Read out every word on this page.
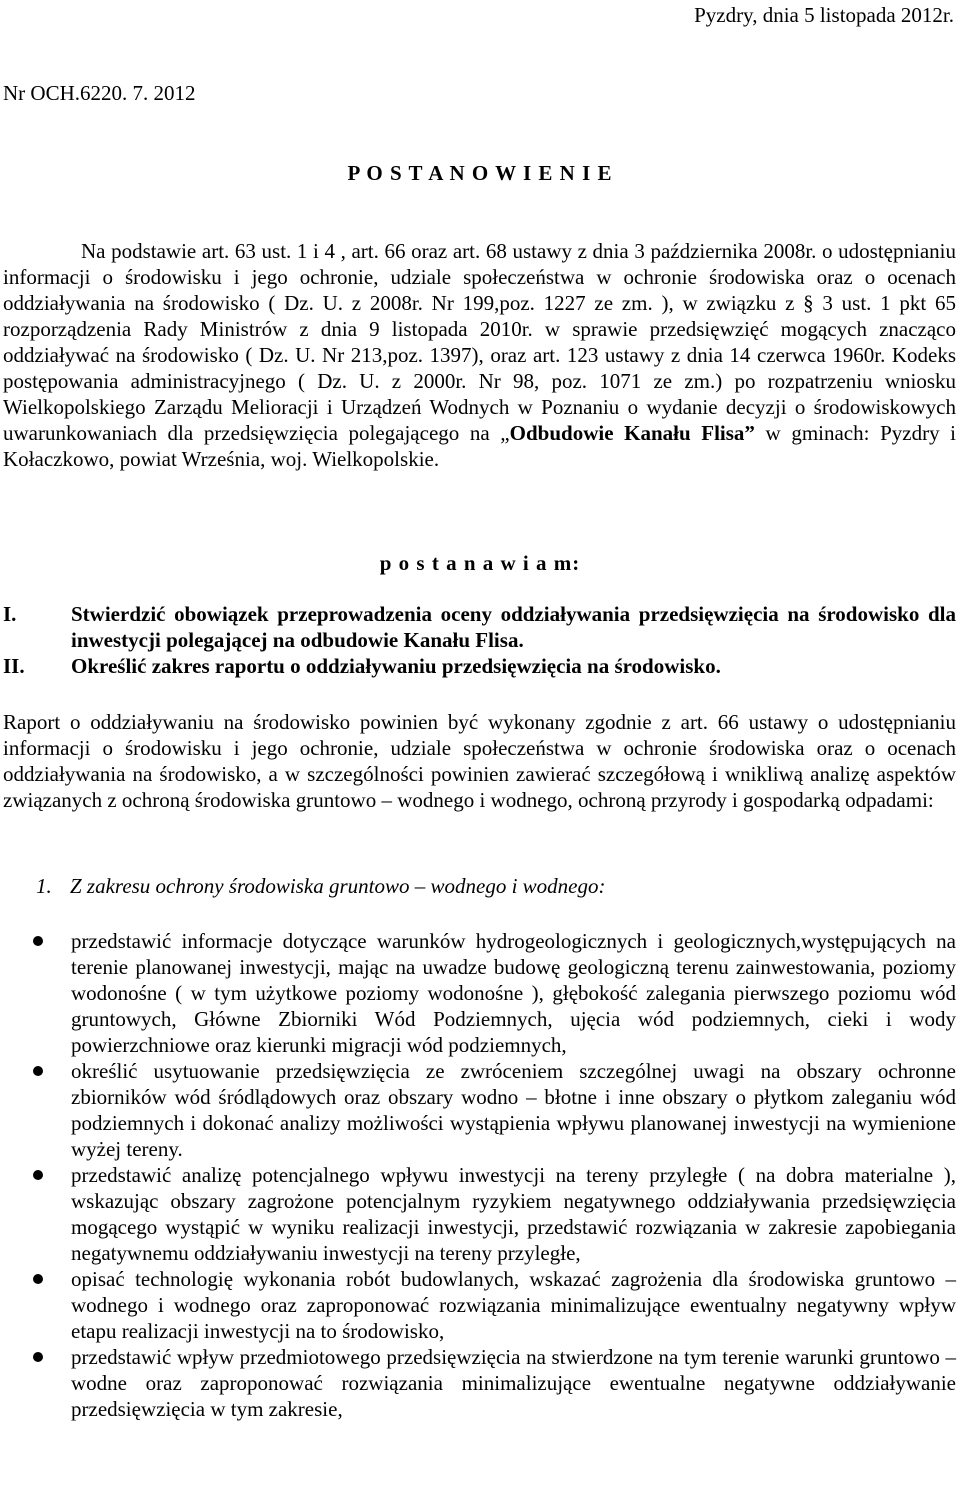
Pyzdry, dnia 5 listopada 2012r.
Nr OCH.6220. 7. 2012
P O S T A N O W I E N I E
Na podstawie art. 63 ust. 1 i 4 , art. 66 oraz art. 68 ustawy z dnia 3 października 2008r. o udostępnianiu informacji o środowisku i jego ochronie, udziale społeczeństwa w ochronie środowiska oraz o ocenach oddziaływania na środowisko ( Dz. U. z 2008r. Nr 199,poz. 1227 ze zm. ), w związku z § 3 ust. 1 pkt 65 rozporządzenia Rady Ministrów z dnia 9 listopada 2010r. w sprawie przedsięwzięć mogących znacząco oddziaływać na środowisko ( Dz. U. Nr 213,poz. 1397), oraz art. 123 ustawy z dnia 14 czerwca 1960r. Kodeks postępowania administracyjnego ( Dz. U. z 2000r. Nr 98, poz. 1071 ze zm.) po rozpatrzeniu wniosku Wielkopolskiego Zarządu Melioracji i Urządzeń Wodnych w Poznaniu o wydanie decyzji o środowiskowych uwarunkowaniach dla przedsięwzięcia polegającego na „Odbudowie Kanału Flisa” w gminach: Pyzdry i Kołaczkowo, powiat Września, woj. Wielkopolskie.
p o s t a n a w i a m:
I.	Stwierdzić obowiązek przeprowadzenia oceny oddziaływania przedsięwzięcia na środowisko dla inwestycji polegającej na odbudowie Kanału Flisa.
II.	Określić zakres raportu o oddziaływaniu przedsięwzięcia na środowisko.
Raport o oddziaływaniu na środowisko powinien być wykonany zgodnie z art. 66 ustawy o udostępnianiu informacji o środowisku i jego ochronie, udziale społeczeństwa w ochronie środowiska oraz o ocenach oddziaływania na środowisko, a w szczególności powinien zawierać szczegółową i wnikliwą analizę aspektów związanych z ochroną środowiska gruntowo – wodnego i wodnego, ochroną przyrody i gospodarką odpadami:
1. Z zakresu ochrony środowiska gruntowo – wodnego i wodnego:
przedstawić informacje dotyczące warunków hydrogeologicznych i geologicznych,występujących na terenie planowanej inwestycji, mając na uwadze budowę geologiczną terenu zainwestowania, poziomy wodonośne ( w tym użytkowe poziomy wodonośne ), głębokość zalegania pierwszego poziomu wód gruntowych, Główne Zbiorniki Wód Podziemnych, ujęcia wód podziemnych, cieki i wody powierzchniowe oraz kierunki migracji wód podziemnych,
określić usytuowanie przedsięwzięcia ze zwróceniem szczególnej uwagi na obszary ochronne zbiorników wód śródlądowych oraz obszary wodno – błotne i inne obszary o płytkom zaleganiu wód podziemnych i dokonać analizy możliwości wystąpienia wpływu planowanej inwestycji na wymienione wyżej tereny.
przedstawić analizę potencjalnego wpływu inwestycji na tereny przyległe ( na dobra materialne ), wskazując obszary zagrożone potencjalnym ryzykiem negatywnego oddziaływania przedsięwzięcia mogącego wystąpić w wyniku realizacji inwestycji, przedstawić rozwiązania w zakresie zapobiegania negatywnemu oddziaływaniu inwestycji na tereny przyległe,
opisać technologię wykonania robót budowlanych, wskazać zagrożenia dla środowiska gruntowo – wodnego i wodnego oraz zaproponować rozwiązania minimalizujące ewentualny negatywny wpływ etapu realizacji inwestycji na to środowisko,
przedstawić wpływ przedmiotowego przedsięwzięcia na stwierdzone na tym terenie warunki gruntowo – wodne oraz zaproponować rozwiązania minimalizujące ewentualne negatywne oddziaływanie przedsięwzięcia w tym zakresie,
